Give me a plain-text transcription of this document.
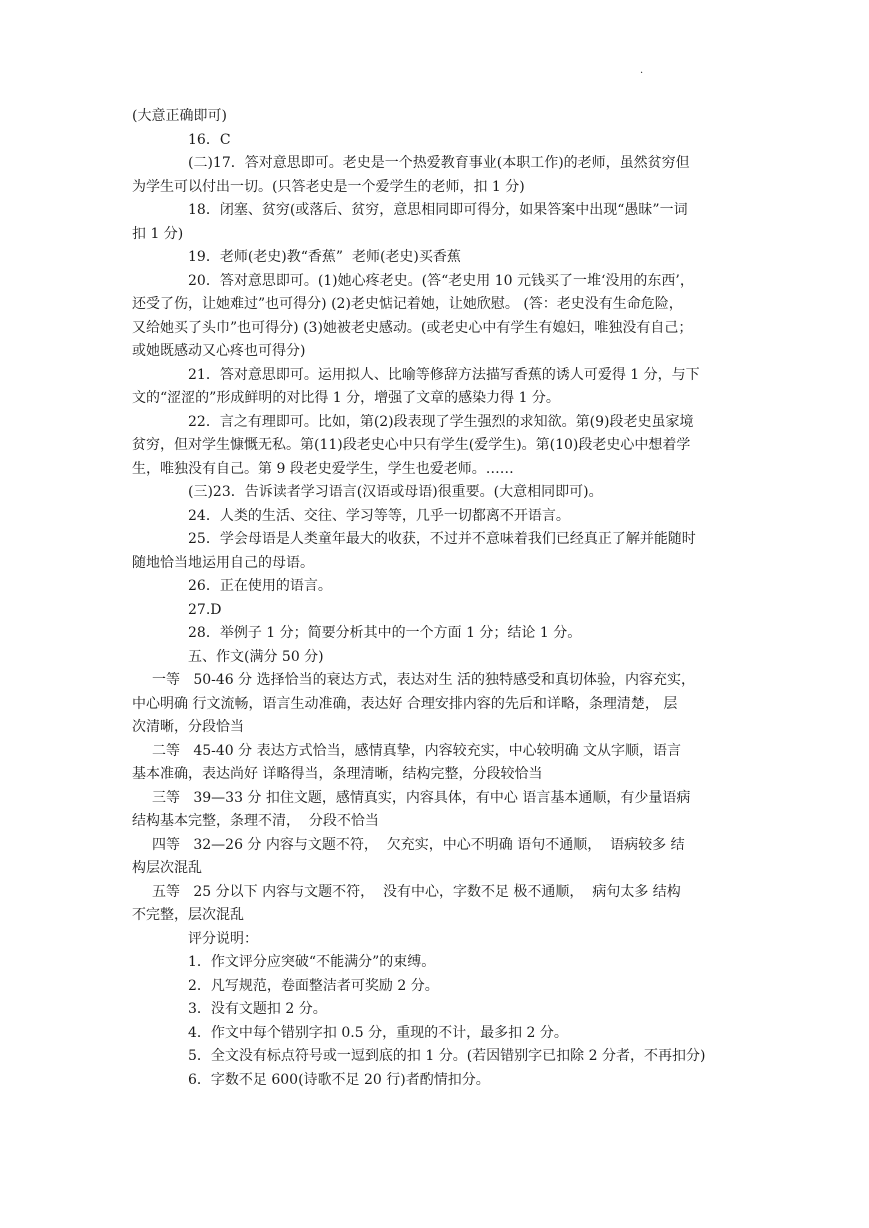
·
(大意正确即可)
16．C
(二)17．答对意思即可。老史是一个热爱教育事业(本职工作)的老师，虽然贫穷但
为学生可以付出一切。(只答老史是一个爱学生的老师，扣 1 分)
18．闭塞、贫穷(或落后、贫穷，意思相同即可得分，如果答案中出现“愚昧”一词
扣 1 分)
19．老师(老史)教“香蕉”  老师(老史)买香蕉
20．答对意思即可。(1)她心疼老史。(答“老史用 10 元钱买了一堆‘没用的东西’，
还受了伤，让她难过”也可得分) (2)老史惦记着她，让她欣慰。 (答：老史没有生命危险，
又给她买了头巾”也可得分) (3)她被老史感动。(或老史心中有学生有媳妇，唯独没有自己；
或她既感动又心疼也可得分)
21．答对意思即可。运用拟人、比喻等修辞方法描写香蕉的诱人可爱得 1 分，与下
文的“涩涩的”形成鲜明的对比得 1 分，增强了文章的感染力得 1 分。
22．言之有理即可。比如，第(2)段表现了学生强烈的求知欲。第(9)段老史虽家境
贫穷，但对学生慷慨无私。第(11)段老史心中只有学生(爱学生)。第(10)段老史心中想着学
生，唯独没有自己。第 9 段老史爱学生，学生也爱老师。……
(三)23．告诉读者学习语言(汉语或母语)很重要。(大意相同即可)。
24．人类的生活、交往、学习等等，几乎一切都离不开语言。
25．学会母语是人类童年最大的收获，不过并不意味着我们已经真正了解并能随时
随地恰当地运用自己的母语。
26．正在使用的语言。
27.D
28．举例子 1 分；简要分析其中的一个方面 1 分；结论 1 分。
五、作文(满分 50 分)
一等   50-46 分 选择恰当的衰达方式，表达对生 活的独特感受和真切体验，内容充实，
中心明确 行文流畅，语言生动准确，表达好 合理安排内容的先后和详略，条理清楚， 层
次清晰，分段恰当
二等   45-40 分 表达方式恰当，感情真挚，内容较充实，中心较明确 文从字顺，语言
基本准确，表达尚好 详略得当，条理清晰，结构完整，分段较恰当
三等   39—33 分 扣住文题，感情真实，内容具体，有中心 语言基本通顺，有少量语病
结构基本完整，条理不清，  分段不恰当
四等   32—26 分 内容与文题不符，  欠充实，中心不明确 语句不通顺，  语病较多 结
构层次混乱
五等   25 分以下 内容与文题不符，  没有中心，字数不足 极不通顺，  病句太多 结构
不完整，层次混乱
评分说明：
1．作文评分应突破“不能满分”的束缚。
2．凡写规范，卷面整洁者可奖励 2 分。
3．没有文题扣 2 分。
4．作文中每个错别字扣 0.5 分，重现的不计，最多扣 2 分。
5．全文没有标点符号或一逗到底的扣 1 分。(若因错别字已扣除 2 分者，不再扣分)
6．字数不足 600(诗歌不足 20 行)者酌情扣分。
